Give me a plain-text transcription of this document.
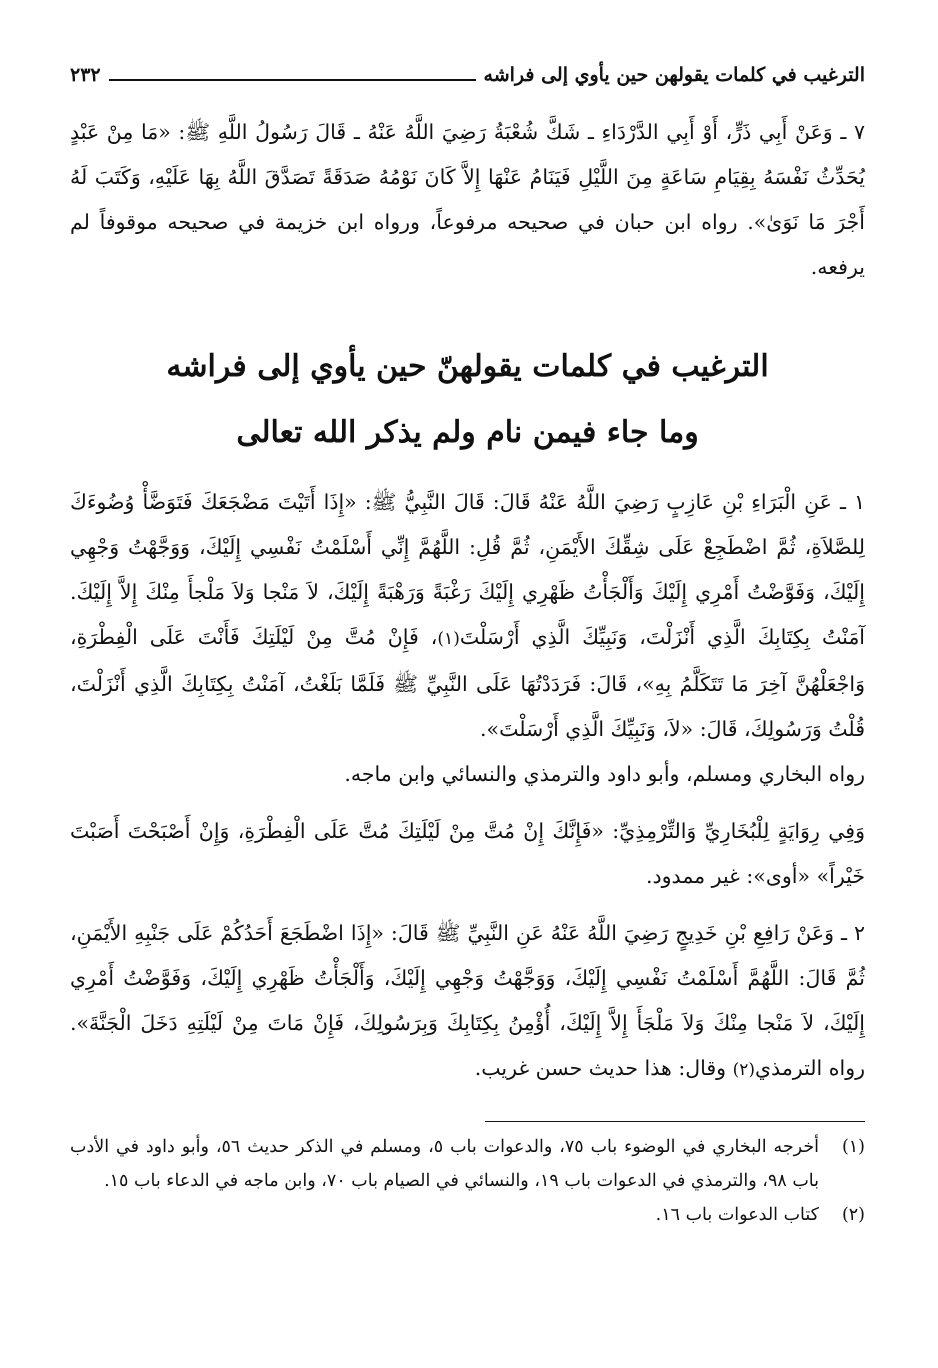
الترغيب في كلمات يقولهن حين يأوي إلى فراشه
٢٣٢

٧ ـ وَعَنْ أَبِي ذَرٍّ، أَوْ أَبِي الدَّرْدَاءِ ـ شَكَّ شُعْبَةُ رَضِيَ اللَّهُ عَنْهُ ـ قَالَ رَسُولُ اللَّهِ ﷺ: «مَا مِنْ عَبْدٍ يُحَدِّثُ نَفْسَهُ بِقِيَامِ سَاعَةٍ مِنَ اللَّيْلِ فَيَنَامُ عَنْهَا إِلاَّ كَانَ نَوْمُهُ صَدَقَةً تَصَدَّقَ اللَّهُ بِهَا عَلَيْهِ، وَكَتَبَ لَهُ أَجْرَ مَا نَوَىٰ». رواه ابن حبان في صحيحه مرفوعاً، ورواه ابن خزيمة في صحيحه موقوفاً لم يرفعه.

الترغيب في كلمات يقولهنّ حين يأوي إلى فراشه
وما جاء فيمن نام ولم يذكر الله تعالى

١ ـ عَنِ الْبَرَاءِ بْنِ عَازِبٍ رَضِيَ اللَّهُ عَنْهُ قَالَ: قَالَ النَّبِيُّ ﷺ: «إِذَا أَتَيْتَ مَضْجَعَكَ فَتَوَضَّأْ وُضُوءَكَ لِلصَّلاَةِ، ثُمَّ اضْطَجِعْ عَلَى شِقِّكَ الأَيْمَنِ، ثُمَّ قُلِ: اللَّهُمَّ إِنِّي أَسْلَمْتُ نَفْسِي إِلَيْكَ، وَوَجَّهْتُ وَجْهِي إِلَيْكَ، وَفَوَّضْتُ أَمْرِي إِلَيْكَ وَأَلْجَأْتُ ظَهْرِي إِلَيْكَ رَغْبَةً وَرَهْبَةً إِلَيْكَ، لاَ مَنْجا وَلاَ مَلْجأَ مِنْكَ إِلاَّ إِلَيْكَ. آمَنْتُ بِكِتَابِكَ الَّذِي أَنْزَلْتَ، وَنَبِيِّكَ الَّذِي أَرْسَلْتَ(١)، فَإِنْ مُتَّ مِنْ لَيْلَتِكَ فَأَنْتَ عَلَى الْفِطْرَةِ، وَاجْعَلْهُنَّ آخِرَ مَا تَتَكَلَّمُ بِهِ»، قَالَ: فَرَدَدْتُهَا عَلَى النَّبِيِّ ﷺ فَلَمَّا بَلَغْتُ، آمَنْتُ بِكِتَابِكَ الَّذِي أَنْزَلْتَ، قُلْتُ وَرَسُولِكَ، قَالَ: «لاَ، وَنَبِيِّكَ الَّذِي أَرْسَلْتَ».

رواه البخاري ومسلم، وأبو داود والترمذي والنسائي وابن ماجه.

وَفِي رِوَايَةٍ لِلْبُخَارِيِّ وَالتِّرْمِذِيِّ: «فَإِنَّكَ إِنْ مُتَّ مِنْ لَيْلَتِكَ مُتَّ عَلَى الْفِطْرَةِ، وَإِنْ أَصْبَحْتَ أَصَبْتَ خَيْراً» «أوى»: غير ممدود.

٢ ـ وَعَنْ رَافِعِ بْنِ خَدِيجٍ رَضِيَ اللَّهُ عَنْهُ عَنِ النَّبِيِّ ﷺ قَالَ: «إِذَا اضْطَجَعَ أَحَدُكُمْ عَلَى جَنْبِهِ الأَيْمَنِ، ثُمَّ قَالَ: اللَّهُمَّ أَسْلَمْتُ نَفْسِي إِلَيْكَ، وَوَجَّهْتُ وَجْهِي إِلَيْكَ، وَأَلْجَأْتُ ظَهْرِي إِلَيْكَ، وَفَوَّضْتُ أَمْرِي إِلَيْكَ، لاَ مَنْجا مِنْكَ وَلاَ مَلْجَأَ إِلاَّ إِلَيْكَ، أُؤْمِنُ بِكِتَابِكَ وَبِرَسُولِكَ، فَإِنْ مَاتَ مِنْ لَيْلَتِهِ دَخَلَ الْجَنَّةَ». رواه الترمذي(٢) وقال: هذا حديث حسن غريب.

(١)
أخرجه البخاري في الوضوء باب ٧٥، والدعوات باب ٥، ومسلم في الذكر حديث ٥٦، وأبو داود في الأدب باب ٩٨، والترمذي في الدعوات باب ١٩، والنسائي في الصيام باب ٧٠، وابن ماجه في الدعاء باب ١٥.
(٢)
كتاب الدعوات باب ١٦.
